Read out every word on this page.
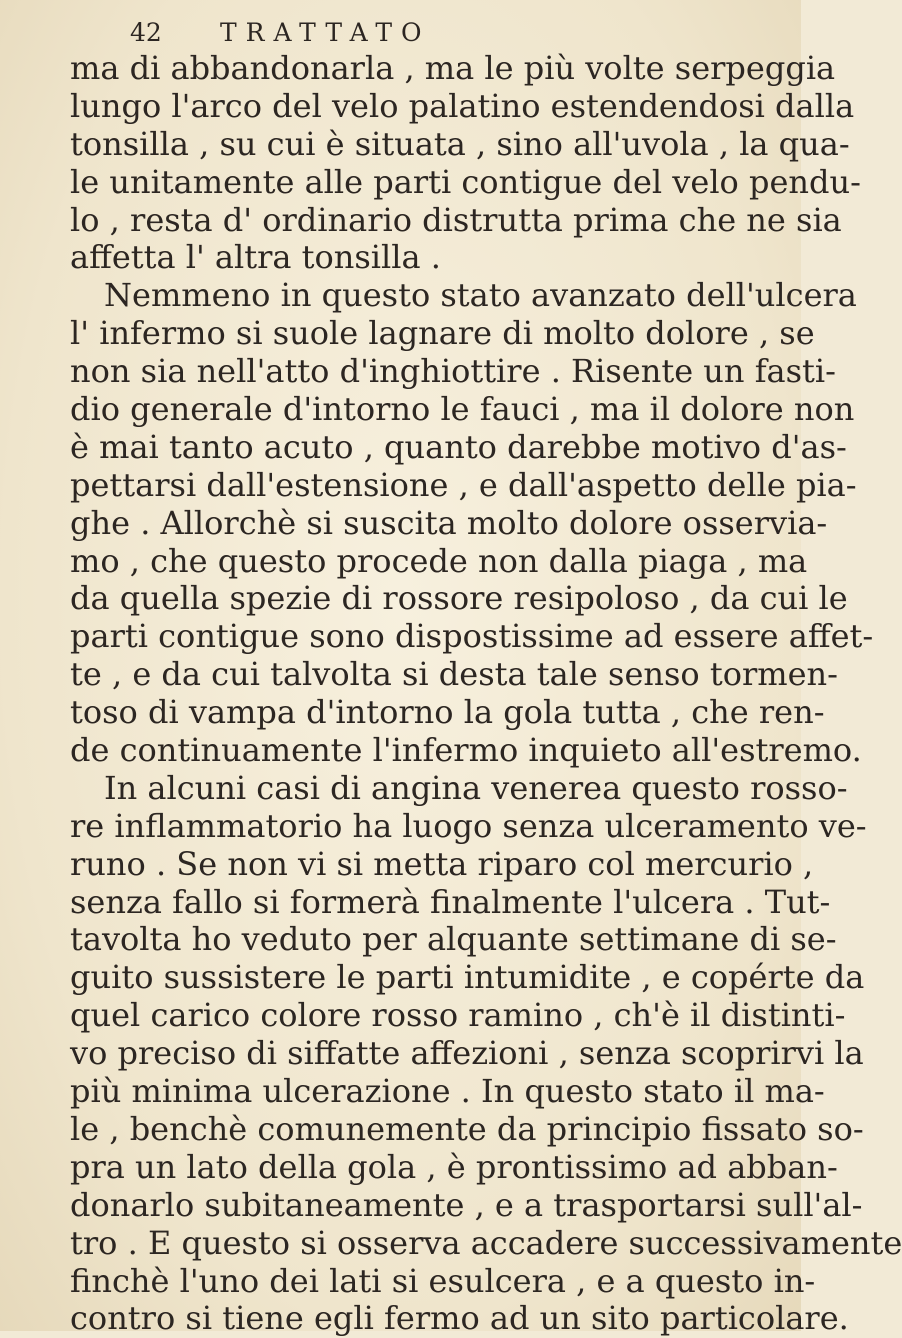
42 TRATTATO
ma di abbandonarla , ma le più volte serpeggia
lungo l'arco del velo palatino estendendosi dalla
tonsilla , su cui è situata , sino all'uvola , la qua-
le unitamente alle parti contigue del velo pendu-
lo , resta d' ordinario distrutta prima che ne sia
affetta l' altra tonsilla .
Nemmeno in questo stato avanzato dell'ulcera
l' infermo si suole lagnare di molto dolore , se
non sia nell'atto d'inghiottire . Risente un fasti-
dio generale d'intorno le fauci , ma il dolore non
è mai tanto acuto , quanto darebbe motivo d'as-
pettarsi dall'estensione , e dall'aspetto delle pia-
ghe . Allorchè si suscita molto dolore osservia-
mo , che questo procede non dalla piaga , ma
da quella spezie di rossore resipoloso , da cui le
parti contigue sono dispostissime ad essere affet-
te , e da cui talvolta si desta tale senso tormen-
toso di vampa d'intorno la gola tutta , che ren-
de continuamente l'infermo inquieto all'estremo.
In alcuni casi di angina venerea questo rosso-
re inflammatorio ha luogo senza ulceramento ve-
runo . Se non vi si metta riparo col mercurio ,
senza fallo si formerà finalmente l'ulcera . Tut-
tavolta ho veduto per alquante settimane di se-
guito sussistere le parti intumidite , e copérte da
quel carico colore rosso ramino , ch'è il distinti-
vo preciso di siffatte affezioni , senza scoprirvi la
più minima ulcerazione . In questo stato il ma-
le , benchè comunemente da principio fissato so-
pra un lato della gola , è prontissimo ad abban-
donarlo subitaneamente , e a trasportarsi sull'al-
tro . E questo si osserva accadere successivamente
finchè l'uno dei lati si esulcera , e a questo in-
contro si tiene egli fermo ad un sito particolare.
